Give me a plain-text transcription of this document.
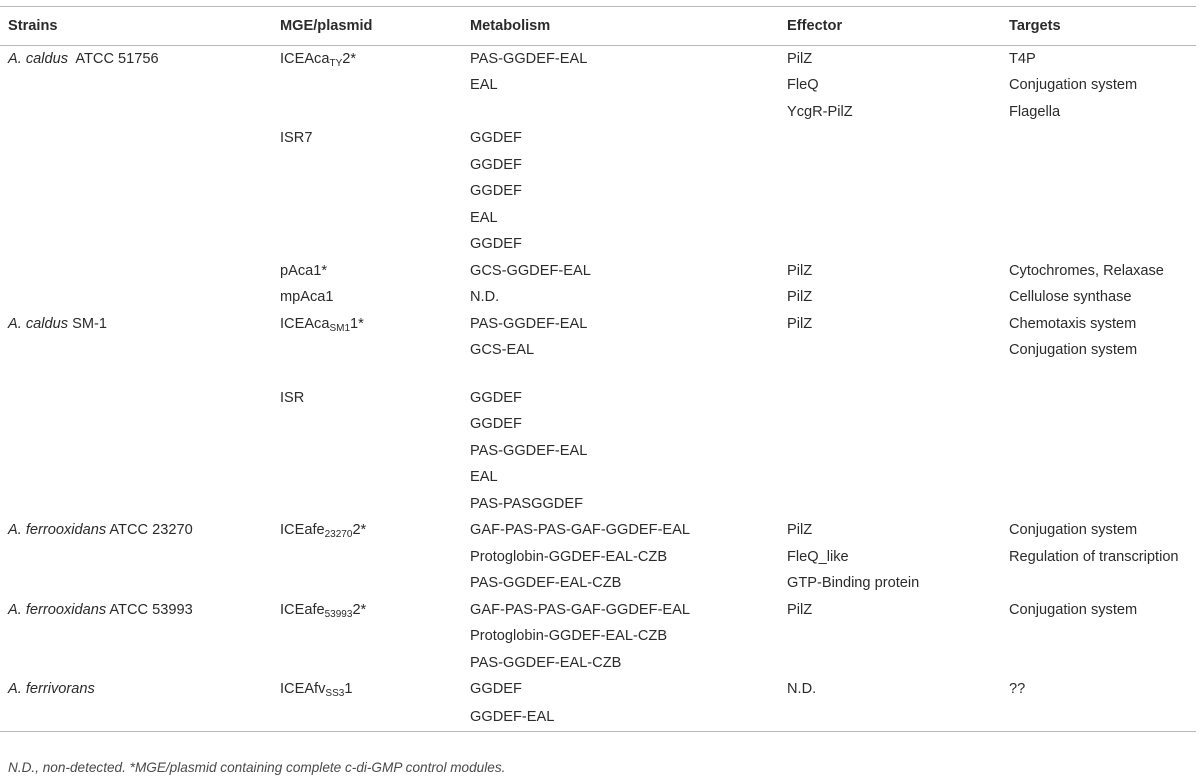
Strains	MGE/plasmid	Metabolism	Effector	Targets
A. caldus  ATCC 51756	ICEAca$_{TY}$2*	PAS-GGDEF-EAL	PilZ	T4P
		EAL	FleQ	Conjugation system
			YcgR-PilZ	Flagella
	ISR7	GGDEF		
		GGDEF		
		GGDEF		
		EAL		
		GGDEF		
	pAca1*	GCS-GGDEF-EAL	PilZ	Cytochromes, Relaxase
	mpAca1	N.D.	PilZ	Cellulose synthase
A. caldus SM-1	ICEAca$_{SM1}$1*	PAS-GGDEF-EAL	PilZ	Chemotaxis system
		GCS-EAL		Conjugation system

	ISR	GGDEF		
		GGDEF		
		PAS-GGDEF-EAL		
		EAL		
		PAS-PASGGDEF		
A. ferrooxidans ATCC 23270	ICEafe$_{23270}$2*	GAF-PAS-PAS-GAF-GGDEF-EAL	PilZ	Conjugation system
		Protoglobin-GGDEF-EAL-CZB	FleQ_like	Regulation of transcription
		PAS-GGDEF-EAL-CZB	GTP-Binding protein	
A. ferrooxidans ATCC 53993	ICEafe$_{53993}$2*	GAF-PAS-PAS-GAF-GGDEF-EAL	PilZ	Conjugation system
		Protoglobin-GGDEF-EAL-CZB		
		PAS-GGDEF-EAL-CZB		
A. ferrivorans	ICEAfv$_{SS3}$1	GGDEF	N.D.	??
		GGDEF-EAL		
N.D., non-detected. *MGE/plasmid containing complete c-di-GMP control modules.
